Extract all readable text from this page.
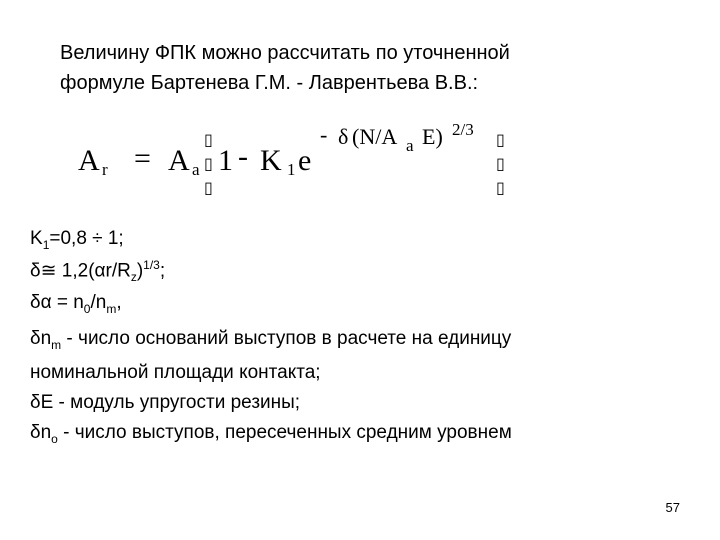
Величину ФПК можно рассчитать по уточненной
формуле Бартенева Г.М. - Лаврентьева В.В.:
A r = A a
▯
▯
▯
1 - K 1 e
- δ (N/A a E) 2/3
▯
▯
▯
$K_1=0,8 \div 1$;
δ≅ $1,2(\alpha r/R_z)^{1/3}$;
$\delta\alpha = n_0/n_m$,
$\delta n_m$ - число оснований выступов в расчете на единицу
номинальной площади контакта;
δE - модуль упругости резины;
$\delta n_o$ - число выступов, пересеченных средним уровнем
57
